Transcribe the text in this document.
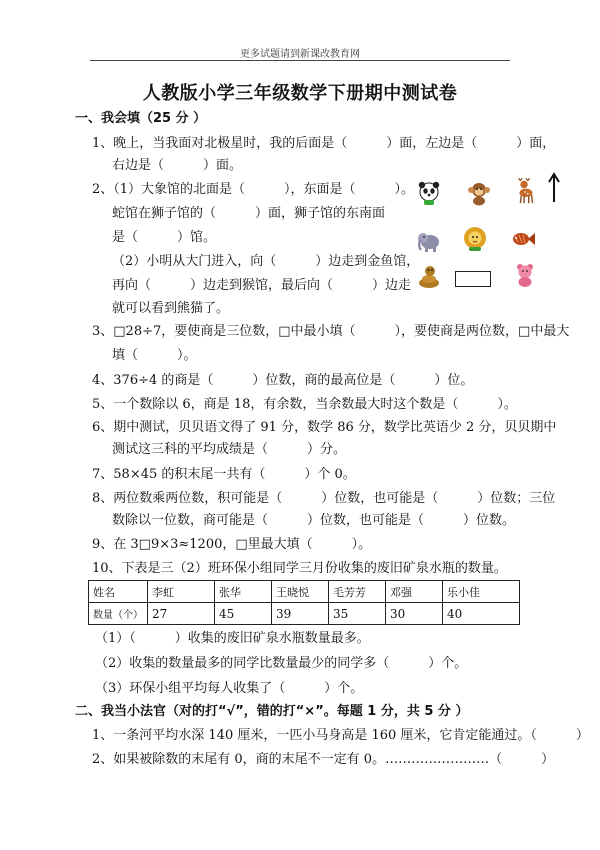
更多试题请到新课改教育网
人教版小学三年级数学下册期中测试卷
一、我会填（25 分 ）
1、晚上，当我面对北极星时，我的后面是（　　　）面，左边是（　　　）面，
右边是（　　　）面。
2、（1）大象馆的北面是（　　　），东面是（　　　）。
蛇馆在狮子馆的（　　　）面，狮子馆的东南面
是（　　　）馆。
（2）小明从大门进入，向（　　　）边走到金鱼馆，
再向（　　　）边走到猴馆，最后向（　　　）边走
就可以看到熊猫了。
3、□28÷7，要使商是三位数，□中最小填（　　　），要使商是两位数，□中最大
填（　　　）。
4、376÷4 的商是（　　　）位数，商的最高位是（　　　）位。
5、一个数除以 6，商是 18，有余数，当余数最大时这个数是（　　　）。
6、期中测试，贝贝语文得了 91 分，数学 86 分，数学比英语少 2 分，贝贝期中
测试这三科的平均成绩是（　　　）分。
7、58×45 的积末尾一共有（　　　）个 0。
8、两位数乘两位数，积可能是（　　　）位数，也可能是（　　　）位数；三位
数除以一位数，商可能是（　　　）位数，也可能是（　　　）位数。
9、在 3□9×3≈1200，□里最大填（　　　）。
10、下表是三（2）班环保小组同学三月份收集的废旧矿泉水瓶的数量。
姓名	李虹	张华	王晓悦	毛芳芳	邓强	乐小佳
数量（个）	27	45	39	35	30	40
（1）（　　　）收集的废旧矿泉水瓶数量最多。
（2）收集的数量最多的同学比数量最少的同学多（　　　）个。
（3）环保小组平均每人收集了（　　　）个。
二、我当小法官（对的打“√”，错的打“×”。每题 1 分，共 5 分 ）
1、一条河平均水深 140 厘米，一匹小马身高是 160 厘米，它肯定能通过。（　　　）
2、如果被除数的末尾有 0，商的末尾不一定有 0。……………………（　　　）
